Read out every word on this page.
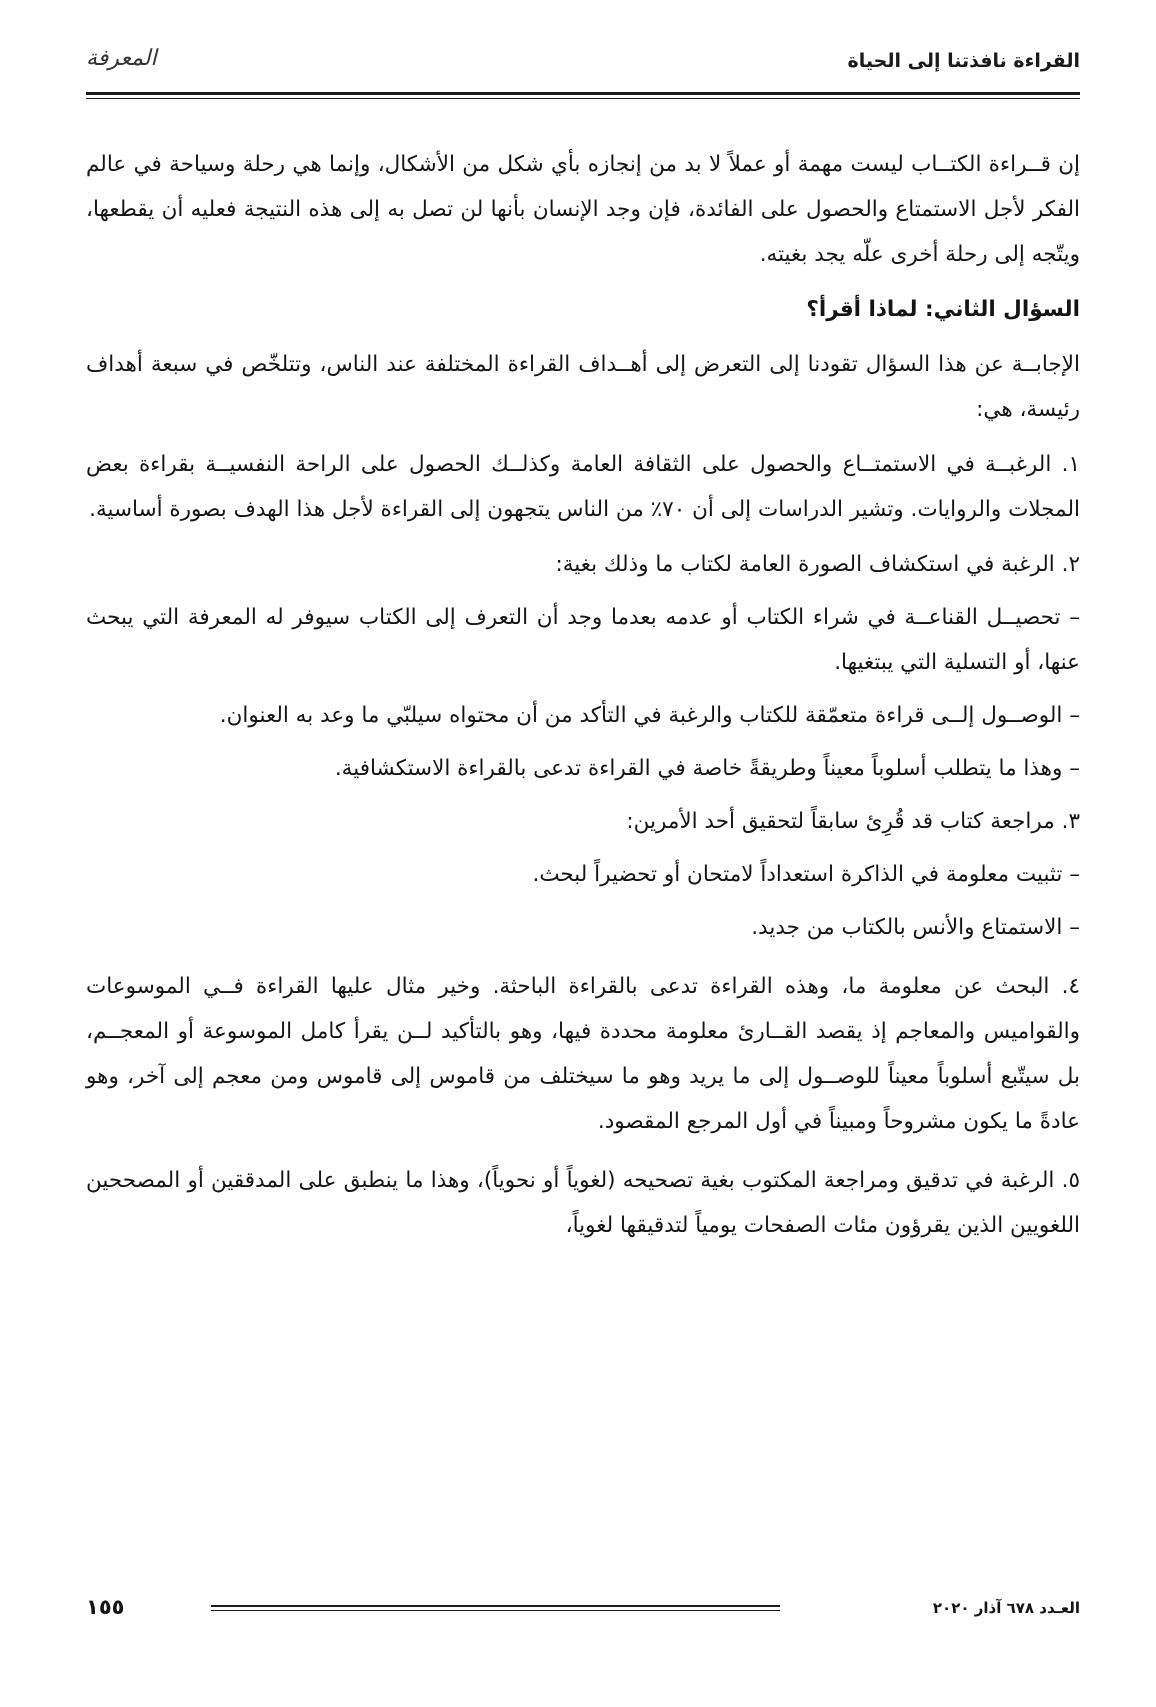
القراءة نافذتنا إلى الحياة
المعرفة

إن قــراءة الكتــاب ليست مهمة أو عملاً لا بد من إنجازه بأي شكل من الأشكال، وإنما هي رحلة وسياحة في عالم الفكر لأجل الاستمتاع والحصول على الفائدة، فإن وجد الإنسان بأنها لن تصل به إلى هذه النتيجة فعليه أن يقطعها، ويتّجه إلى رحلة أخرى علّه يجد بغيته.

السؤال الثاني: لماذا أقرأ؟

الإجابــة عن هذا السؤال تقودنا إلى التعرض إلى أهــداف القراءة المختلفة عند الناس، وتتلخّص في سبعة أهداف رئيسة، هي:

١. الرغبــة في الاستمتــاع والحصول على الثقافة العامة وكذلــك الحصول على الراحة النفسيــة بقراءة بعض المجلات والروايات. وتشير الدراسات إلى أن ٧٠٪ من الناس يتجهون إلى القراءة لأجل هذا الهدف بصورة أساسية.

٢. الرغبة في استكشاف الصورة العامة لكتاب ما وذلك بغية:

– تحصيــل القناعــة في شراء الكتاب أو عدمه بعدما وجد أن التعرف إلى الكتاب سيوفر له المعرفة التي يبحث عنها، أو التسلية التي يبتغيها.

– الوصــول إلــى قراءة متعمّقة للكتاب والرغبة في التأكد من أن محتواه سيلبّي ما وعد به العنوان.

– وهذا ما يتطلب أسلوباً معيناً وطريقةً خاصة في القراءة تدعى بالقراءة الاستكشافية.

٣. مراجعة كتاب قد قُرِئ سابقاً لتحقيق أحد الأمرين:

– تثبيت معلومة في الذاكرة استعداداً لامتحان أو تحضيراً لبحث.

– الاستمتاع والأنس بالكتاب من جديد.

٤. البحث عن معلومة ما، وهذه القراءة تدعى بالقراءة الباحثة. وخير مثال عليها القراءة فــي الموسوعات والقواميس والمعاجم إذ يقصد القــارئ معلومة محددة فيها، وهو بالتأكيد لــن يقرأ كامل الموسوعة أو المعجــم، بل سيتّبع أسلوباً معيناً للوصــول إلى ما يريد وهو ما سيختلف من قاموس إلى قاموس ومن معجم إلى آخر، وهو عادةً ما يكون مشروحاً ومبيناً في أول المرجع المقصود.

٥. الرغبة في تدقيق ومراجعة المكتوب بغية تصحيحه (لغوياً أو نحوياً)، وهذا ما ينطبق على المدققين أو المصححين اللغويين الذين يقرؤون مئات الصفحات يومياً لتدقيقها لغوياً،

العـدد ٦٧٨ آذار ٢٠٢٠
١٥٥
